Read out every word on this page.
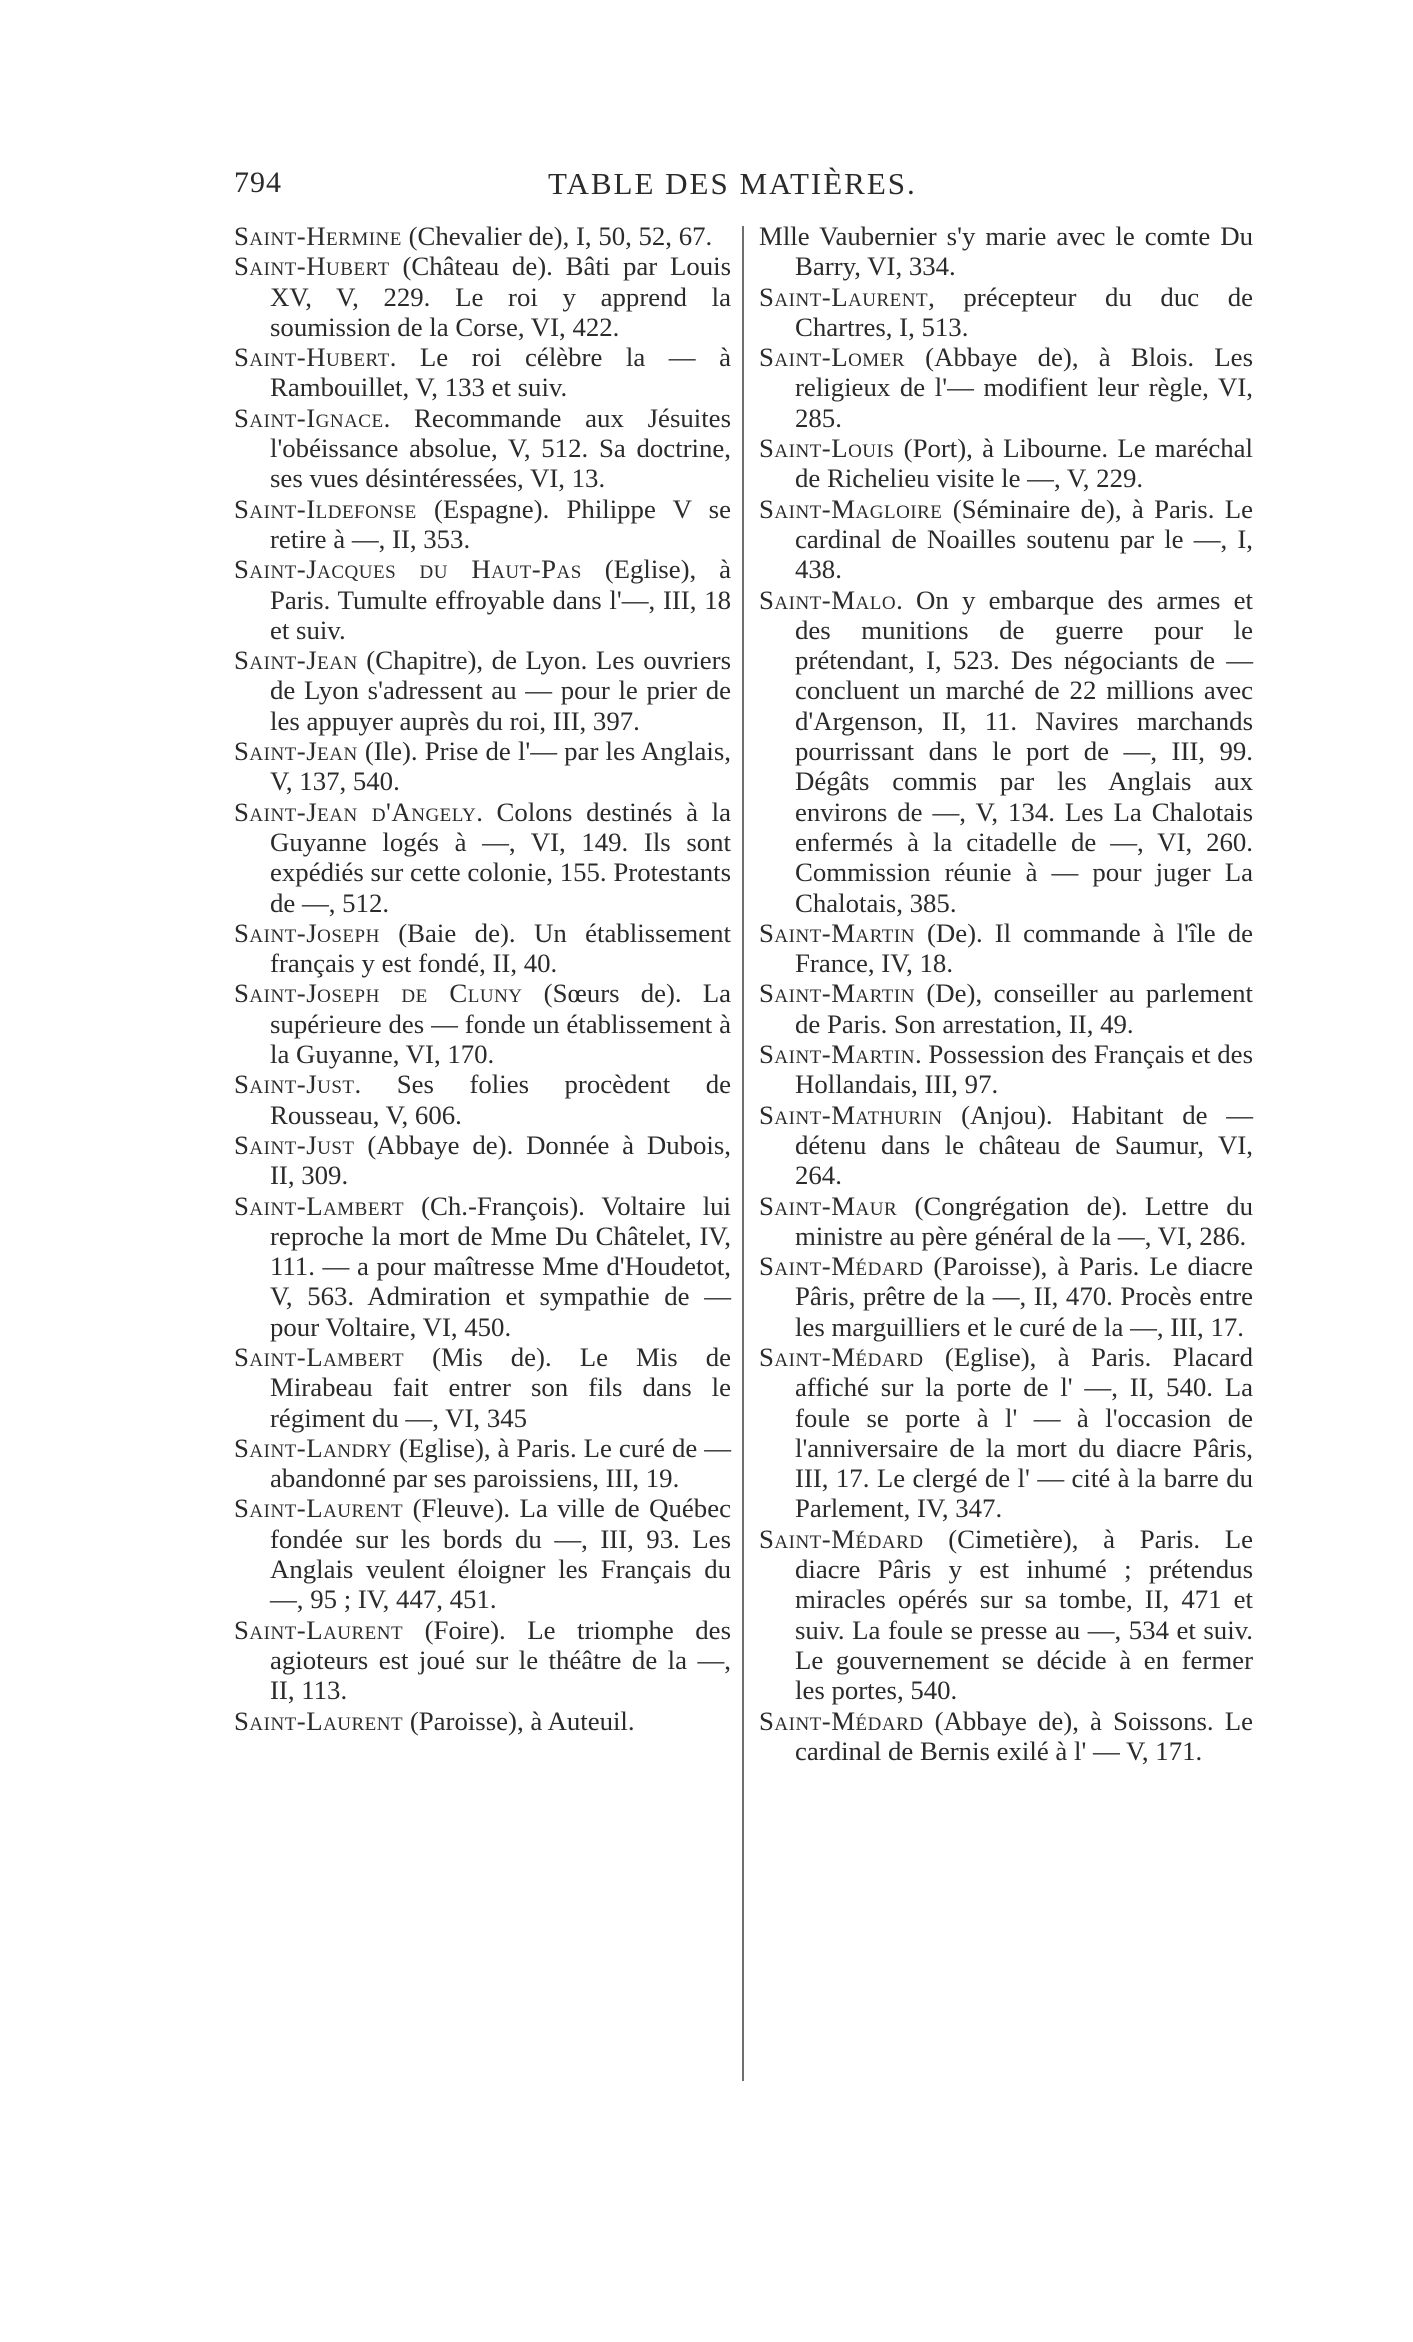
794	TABLE DES MATIÈRES.

Saint-Hermine (Chevalier de), I, 50, 52, 67.

Saint-Hubert (Château de). Bâti par Louis XV, V, 229. Le roi y apprend la soumission de la Corse, VI, 422.

Saint-Hubert. Le roi célèbre la — à Rambouillet, V, 133 et suiv.

Saint-Ignace. Recommande aux Jésuites l'obéissance absolue, V, 512. Sa doctrine, ses vues désintéressées, VI, 13.

Saint-Ildefonse (Espagne). Philippe V se retire à —, II, 353.

Saint-Jacques du Haut-Pas (Eglise), à Paris. Tumulte effroyable dans l'—, III, 18 et suiv.

Saint-Jean (Chapitre), de Lyon. Les ouvriers de Lyon s'adressent au — pour le prier de les appuyer auprès du roi, III, 397.

Saint-Jean (Ile). Prise de l'— par les Anglais, V, 137, 540.

Saint-Jean d'Angely. Colons destinés à la Guyanne logés à —, VI, 149. Ils sont expédiés sur cette colonie, 155. Protestants de —, 512.

Saint-Joseph (Baie de). Un établissement français y est fondé, II, 40.

Saint-Joseph de Cluny (Sœurs de). La supérieure des — fonde un établissement à la Guyanne, VI, 170.

Saint-Just. Ses folies procèdent de Rousseau, V, 606.

Saint-Just (Abbaye de). Donnée à Dubois, II, 309.

Saint-Lambert (Ch.-François). Voltaire lui reproche la mort de Mme Du Châtelet, IV, 111. — a pour maîtresse Mme d'Houdetot, V, 563. Admiration et sympathie de — pour Voltaire, VI, 450.

Saint-Lambert (Mis de). Le Mis de Mirabeau fait entrer son fils dans le régiment du —, VI, 345

Saint-Landry (Eglise), à Paris. Le curé de — abandonné par ses paroissiens, III, 19.

Saint-Laurent (Fleuve). La ville de Québec fondée sur les bords du —, III, 93. Les Anglais veulent éloigner les Français du —, 95 ; IV, 447, 451.

Saint-Laurent (Foire). Le triomphe des agioteurs est joué sur le théâtre de la —, II, 113.

Saint-Laurent (Paroisse), à Auteuil.

Mlle Vaubernier s'y marie avec le comte Du Barry, VI, 334.

Saint-Laurent, précepteur du duc de Chartres, I, 513.

Saint-Lomer (Abbaye de), à Blois. Les religieux de l'— modifient leur règle, VI, 285.

Saint-Louis (Port), à Libourne. Le maréchal de Richelieu visite le —, V, 229.

Saint-Magloire (Séminaire de), à Paris. Le cardinal de Noailles soutenu par le —, I, 438.

Saint-Malo. On y embarque des armes et des munitions de guerre pour le prétendant, I, 523. Des négociants de — concluent un marché de 22 millions avec d'Argenson, II, 11. Navires marchands pourrissant dans le port de —, III, 99. Dégâts commis par les Anglais aux environs de —, V, 134. Les La Chalotais enfermés à la citadelle de —, VI, 260. Commission réunie à — pour juger La Chalotais, 385.

Saint-Martin (De). Il commande à l'île de France, IV, 18.

Saint-Martin (De), conseiller au parlement de Paris. Son arrestation, II, 49.

Saint-Martin. Possession des Français et des Hollandais, III, 97.

Saint-Mathurin (Anjou). Habitant de — détenu dans le château de Saumur, VI, 264.

Saint-Maur (Congrégation de). Lettre du ministre au père général de la —, VI, 286.

Saint-Médard (Paroisse), à Paris. Le diacre Pâris, prêtre de la —, II, 470. Procès entre les marguilliers et le curé de la —, III, 17.

Saint-Médard (Eglise), à Paris. Placard affiché sur la porte de l' —, II, 540. La foule se porte à l' — à l'occasion de l'anniversaire de la mort du diacre Pâris, III, 17. Le clergé de l' — cité à la barre du Parlement, IV, 347.

Saint-Médard (Cimetière), à Paris. Le diacre Pâris y est inhumé ; prétendus miracles opérés sur sa tombe, II, 471 et suiv. La foule se presse au —, 534 et suiv. Le gouvernement se décide à en fermer les portes, 540.

Saint-Médard (Abbaye de), à Soissons. Le cardinal de Bernis exilé à l' — V, 171.
